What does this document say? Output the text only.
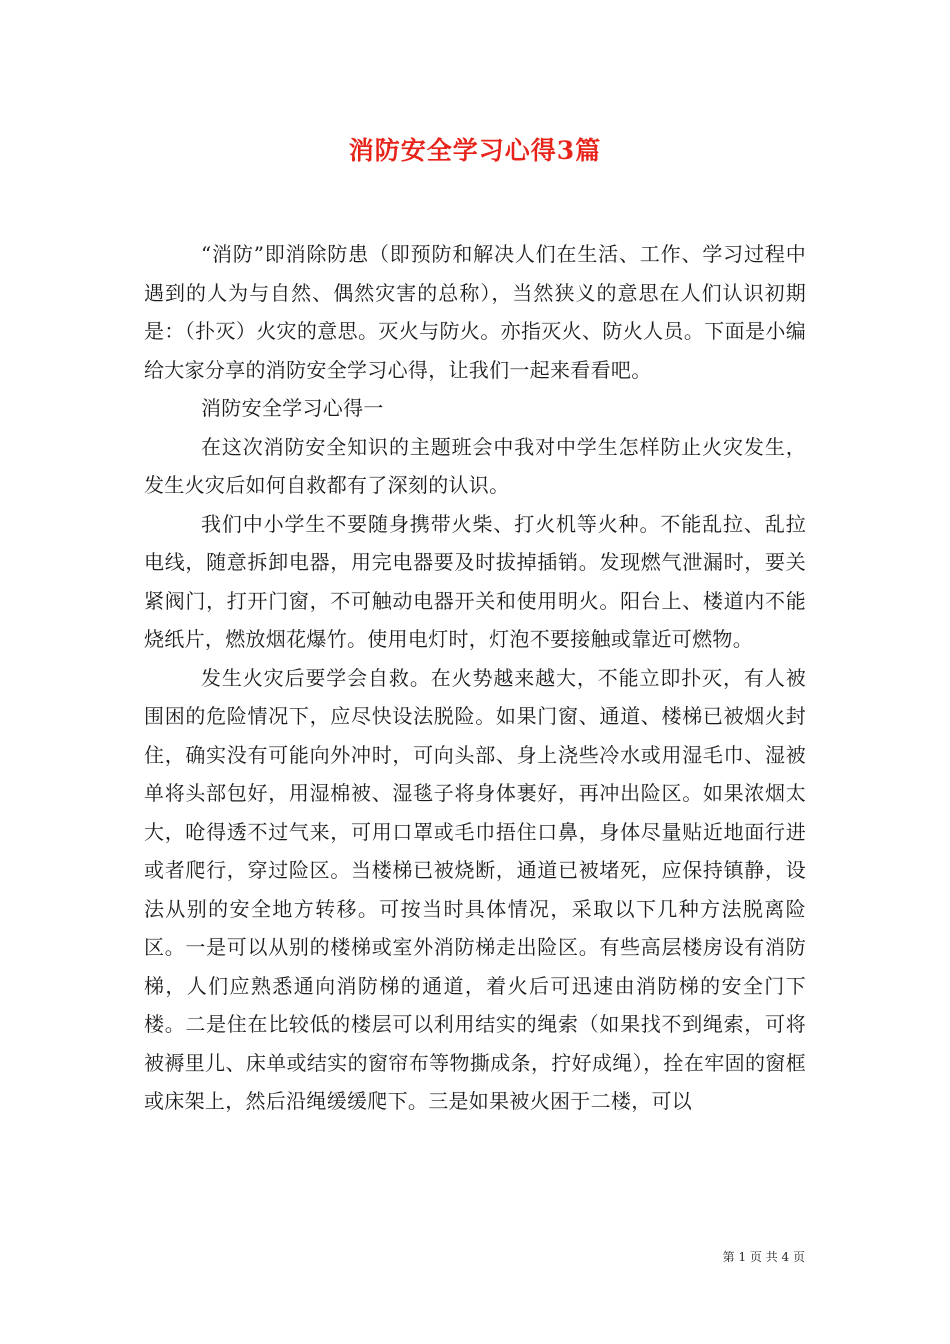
消防安全学习心得3篇

“消防”即消除防患（即预防和解决人们在生活、工作、学习过程中遇到的人为与自然、偶然灾害的总称），当然狭义的意思在人们认识初期是：（扑灭）火灾的意思。灭火与防火。亦指灭火、防火人员。下面是小编给大家分享的消防安全学习心得，让我们一起来看看吧。

消防安全学习心得一

在这次消防安全知识的主题班会中我对中学生怎样防止火灾发生，发生火灾后如何自救都有了深刻的认识。

我们中小学生不要随身携带火柴、打火机等火种。不能乱拉、乱拉电线，随意拆卸电器，用完电器要及时拔掉插销。发现燃气泄漏时，要关紧阀门，打开门窗，不可触动电器开关和使用明火。阳台上、楼道内不能烧纸片，燃放烟花爆竹。使用电灯时，灯泡不要接触或靠近可燃物。

发生火灾后要学会自救。在火势越来越大，不能立即扑灭，有人被围困的危险情况下，应尽快设法脱险。如果门窗、通道、楼梯已被烟火封住，确实没有可能向外冲时，可向头部、身上浇些冷水或用湿毛巾、湿被单将头部包好，用湿棉被、湿毯子将身体裹好，再冲出险区。如果浓烟太大，呛得透不过气来，可用口罩或毛巾捂住口鼻，身体尽量贴近地面行进或者爬行，穿过险区。当楼梯已被烧断，通道已被堵死，应保持镇静，设法从别的安全地方转移。可按当时具体情况，采取以下几种方法脱离险区。一是可以从别的楼梯或室外消防梯走出险区。有些高层楼房设有消防梯，人们应熟悉通向消防梯的通道，着火后可迅速由消防梯的安全门下楼。二是住在比较低的楼层可以利用结实的绳索（如果找不到绳索，可将被褥里儿、床单或结实的窗帘布等物撕成条，拧好成绳），拴在牢固的窗框或床架上，然后沿绳缓缓爬下。三是如果被火困于二楼，可以

第 1 页 共 4 页
